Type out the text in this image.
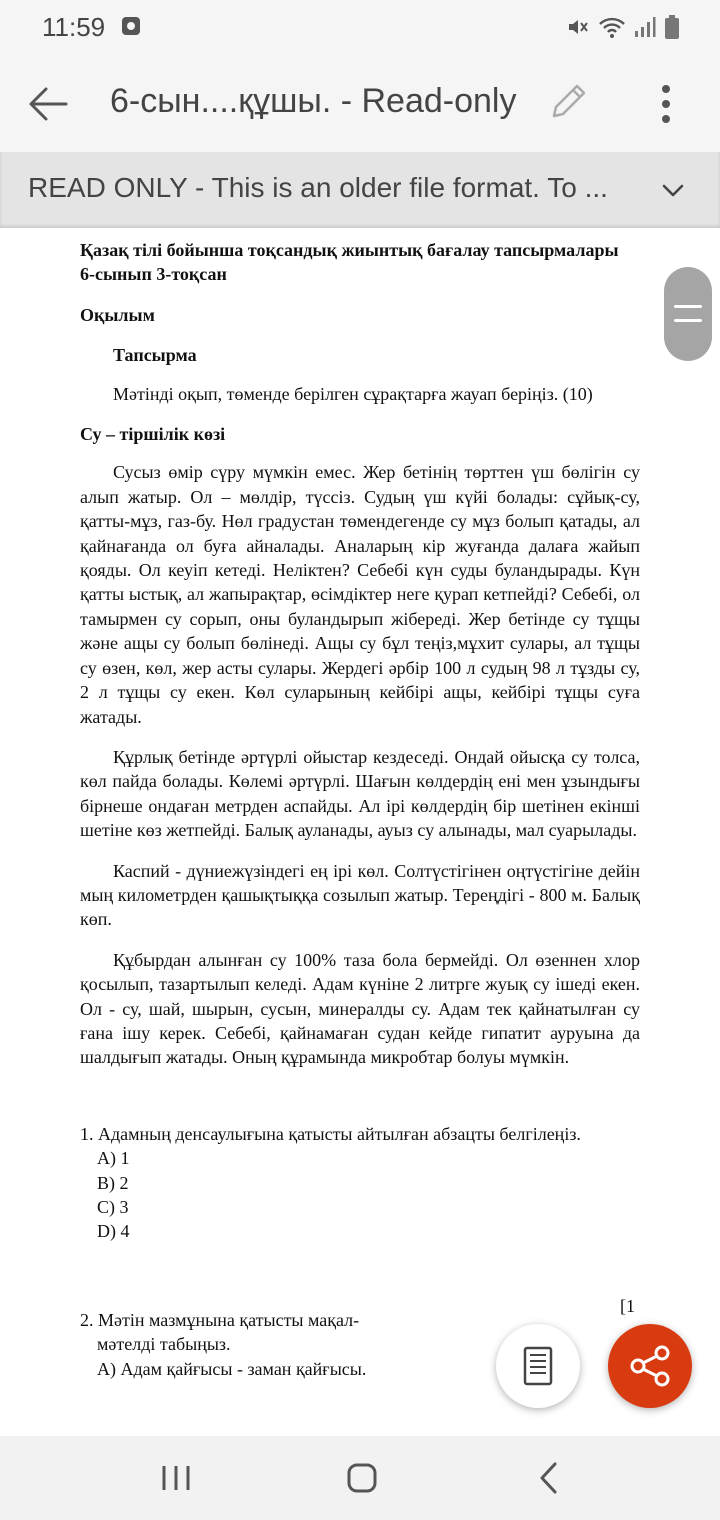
11:59
6-сын....құшы. - Read-only
READ ONLY - This is an older file format. To ...

Қазақ тілі бойынша тоқсандық жиынтық бағалау тапсырмалары

6-сынып 3-тоқсан

Оқылым

Тапсырма

Мәтінді оқып, төменде берілген сұрақтарға жауап беріңіз. (10)

Су – тіршілік көзі

Сусыз өмір сүру мүмкін емес. Жер бетінің төрттен үш бөлігін су алып жатыр. Ол – мөлдір, түссіз. Судың үш күйі болады: сұйық-су, қатты-мұз, газ-бу. Нөл градустан төмендегенде су мұз болып қатады, ал қайнағанда ол буға айналады. Аналарың кір жуғанда далаға жайып қояды. Ол кеуіп кетеді. Неліктен? Себебі күн суды буландырады. Күн қатты ыстық, ал жапырақтар, өсімдіктер неге қурап кетпейді? Себебі, ол тамырмен су сорып, оны буландырып жібереді. Жер бетінде су тұщы және ащы су болып бөлінеді. Ащы су бұл теңіз,мұхит сулары, ал тұщы су өзен, көл, жер асты сулары. Жердегі әрбір 100 л судың 98 л тұзды су, 2 л тұщы су екен. Көл суларының кейбірі ащы, кейбірі тұщы суға жатады.

Құрлық бетінде әртүрлі ойыстар кездеседі. Ондай ойысқа су толса, көл пайда болады. Көлемі әртүрлі. Шағын көлдердің ені мен ұзындығы бірнеше ондаған метрден аспайды. Ал ірі көлдердің бір шетінен екінші шетіне көз жетпейді. Балық ауланады, ауыз су алынады, мал суарылады.

Каспий - дүниежүзіндегі ең ірі көл. Солтүстігінен оңтүстігіне дейін мың километрден қашықтыққа созылып жатыр. Тереңдігі - 800 м. Балық көп.

Құбырдан алынған су 100% таза бола бермейді. Ол өзеннен хлор қосылып, тазартылып келеді. Адам күніне 2 литрге жуық су ішеді екен. Ол - су, шай, шырын, сусын, минералды су. Адам тек қайнатылған су ғана ішу керек. Себебі, қайнамаған судан кейде гипатит ауруына да шалдығып жатады. Оның құрамында микробтар болуы мүмкін.

1. Адамның денсаулығына қатысты айтылған абзацты белгілеңіз.

A) 1

B) 2

C) 3

D) 4

2. Мәтін мазмұнына қатысты мақал-

мәтелді табыңыз.

A) Адам қайғысы - заман қайғысы.

[1
